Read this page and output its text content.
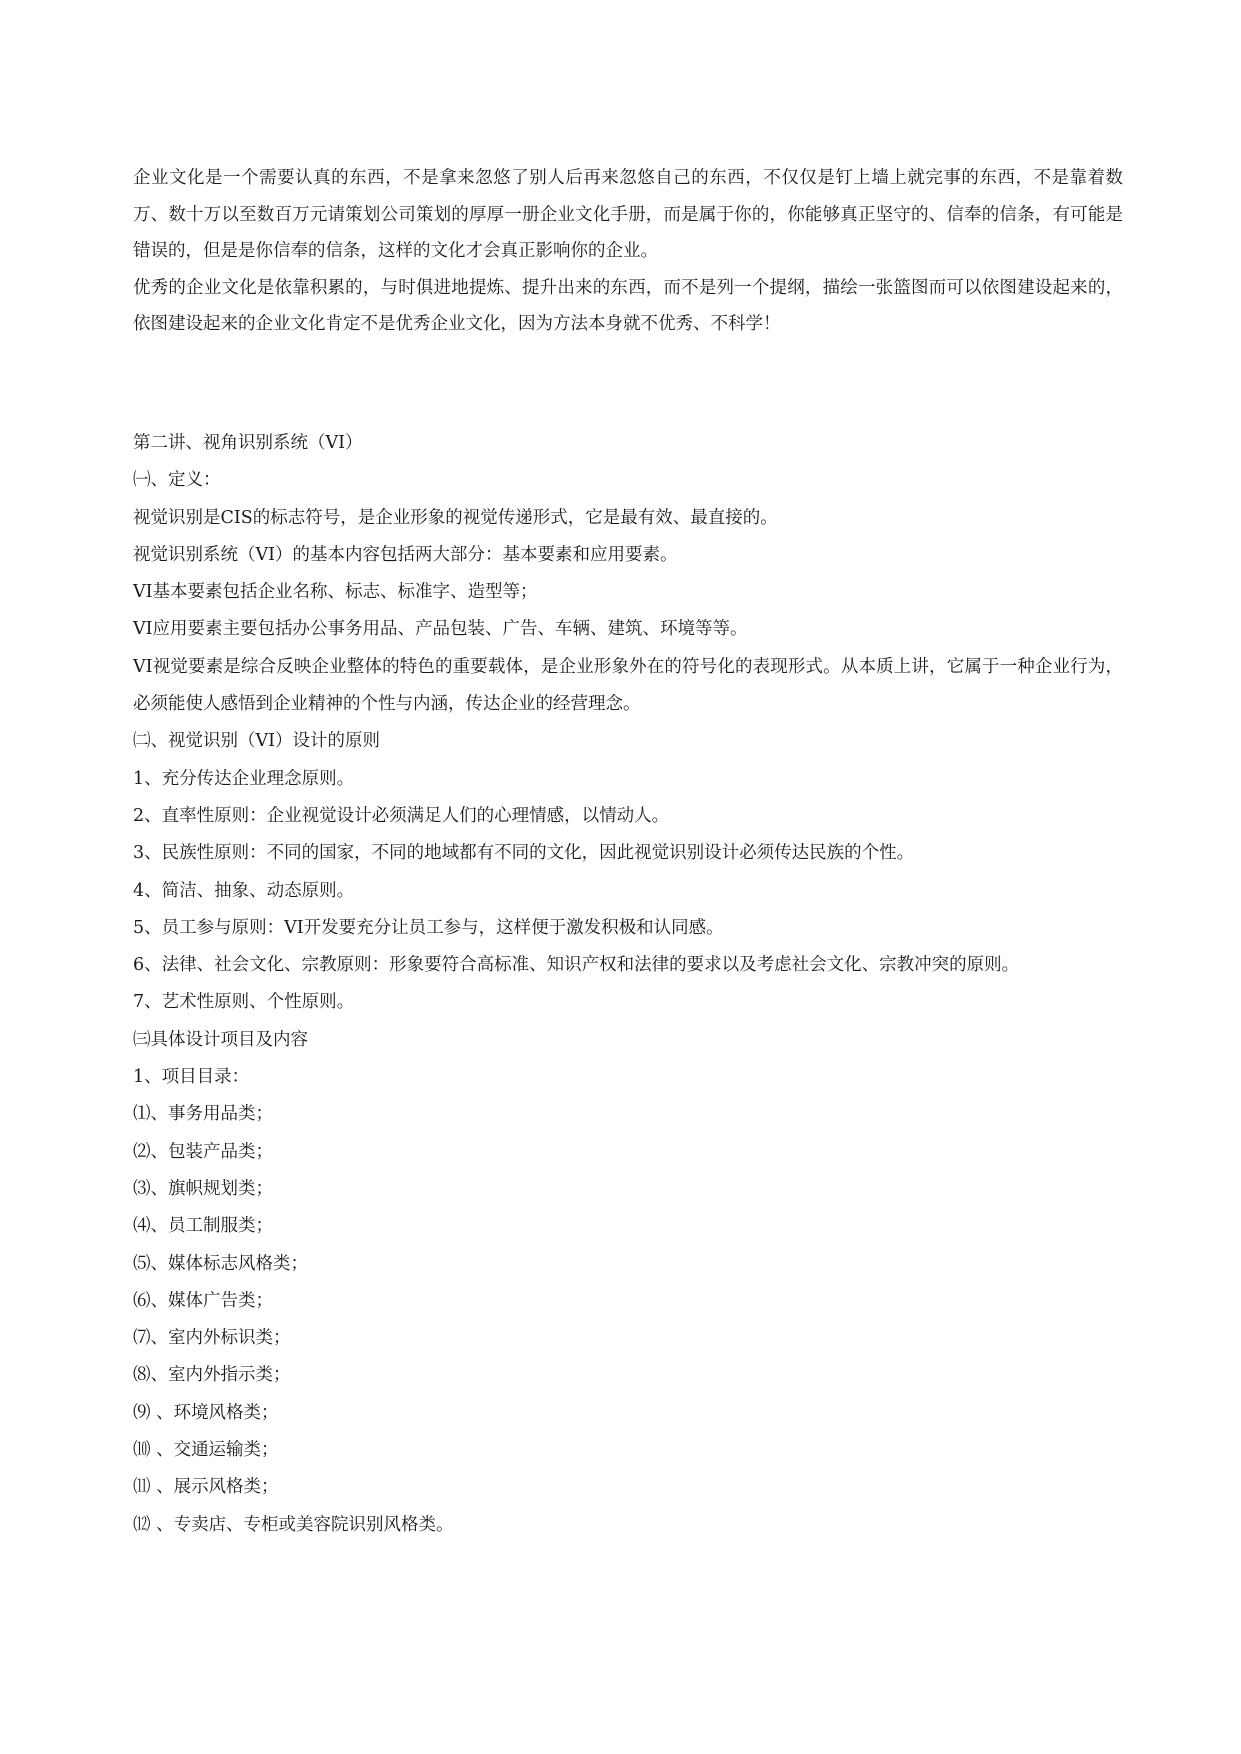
企业文化是一个需要认真的东西，不是拿来忽悠了别人后再来忽悠自己的东西，不仅仅是钉上墙上就完事的东西，不是靠着数万、数十万以至数百万元请策划公司策划的厚厚一册企业文化手册，而是属于你的，你能够真正坚守的、信奉的信条，有可能是错误的，但是是你信奉的信条，这样的文化才会真正影响你的企业。

优秀的企业文化是依靠积累的，与时俱进地提炼、提升出来的东西，而不是列一个提纲，描绘一张篮图而可以依图建设起来的，依图建设起来的企业文化肯定不是优秀企业文化，因为方法本身就不优秀、不科学！

第二讲、视角识别系统（VI）
㈠、定义：
视觉识别是CIS的标志符号，是企业形象的视觉传递形式，它是最有效、最直接的。
视觉识别系统（VI）的基本内容包括两大部分：基本要素和应用要素。
VI基本要素包括企业名称、标志、标准字、造型等；
VI应用要素主要包括办公事务用品、产品包装、广告、车辆、建筑、环境等等。
VI视觉要素是综合反映企业整体的特色的重要载体，是企业形象外在的符号化的表现形式。从本质上讲，它属于一种企业行为，必须能使人感悟到企业精神的个性与内涵，传达企业的经营理念。
㈡、视觉识别（VI）设计的原则
1、充分传达企业理念原则。
2、直率性原则：企业视觉设计必须满足人们的心理情感，以情动人。
3、民族性原则：不同的国家，不同的地域都有不同的文化，因此视觉识别设计必须传达民族的个性。
4、简洁、抽象、动态原则。
5、员工参与原则：VI开发要充分让员工参与，这样便于激发积极和认同感。
6、法律、社会文化、宗教原则：形象要符合高标准、知识产权和法律的要求以及考虑社会文化、宗教冲突的原则。
7、艺术性原则、个性原则。
㈢具体设计项目及内容
1、项目目录：
⑴、事务用品类；
⑵、包装产品类；
⑶、旗帜规划类；
⑷、员工制服类；
⑸、媒体标志风格类；
⑹、媒体广告类；
⑺、室内外标识类；
⑻、室内外指示类；
⑼ 、环境风格类；
⑽ 、交通运输类；
⑾ 、展示风格类；
⑿ 、专卖店、专柜或美容院识别风格类。
